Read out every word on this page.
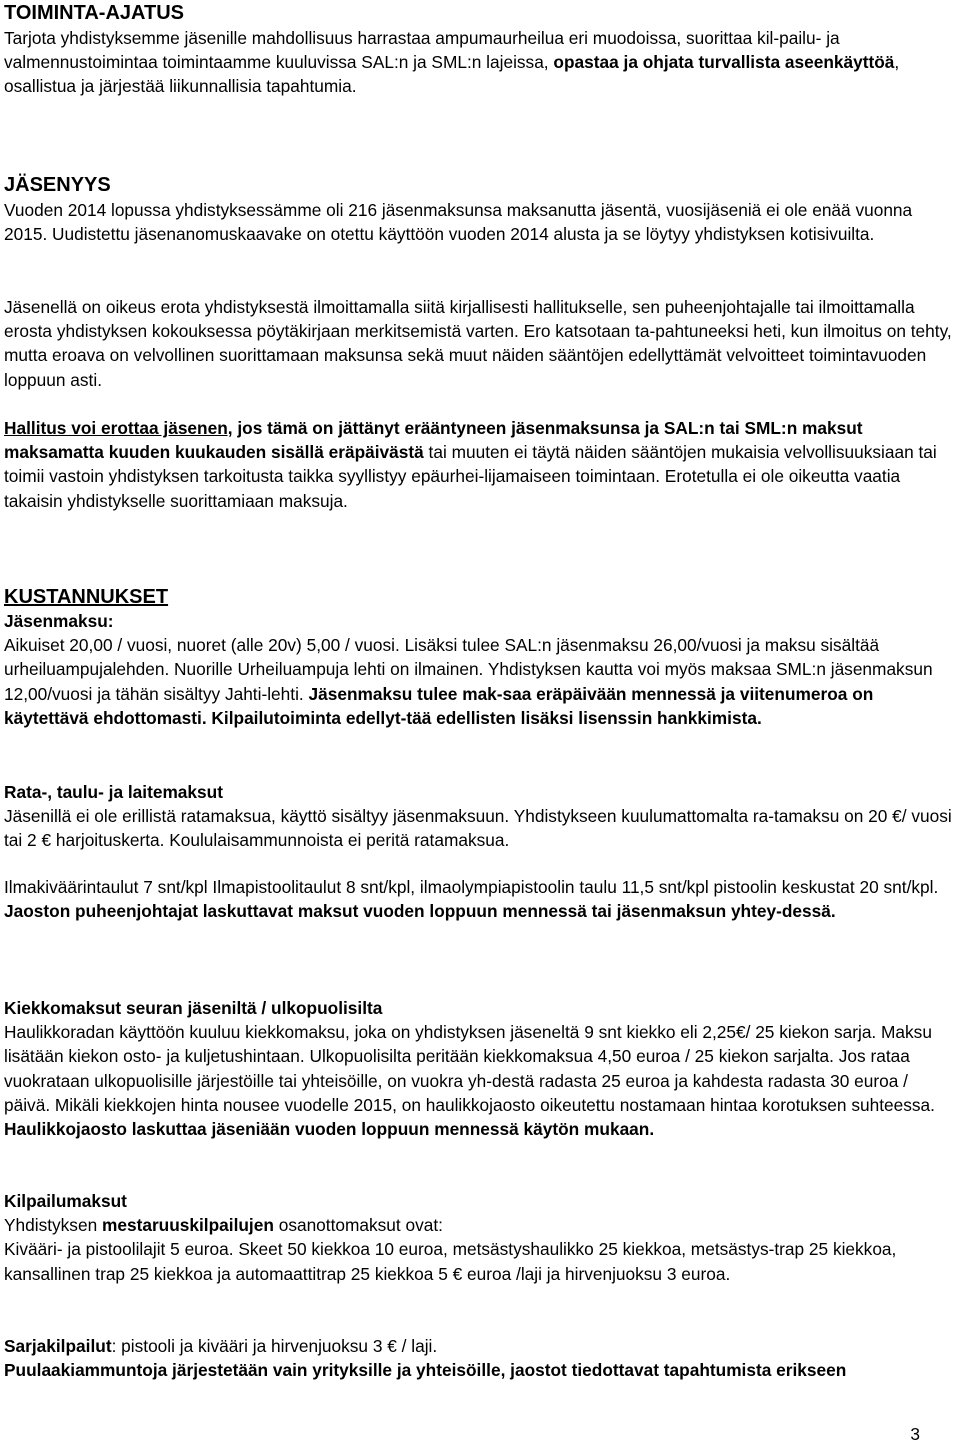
TOIMINTA-AJATUS

Tarjota yhdistyksemme jäsenille mahdollisuus harrastaa ampumaurheilua eri muodoissa, suorittaa kil-pailu- ja valmennustoimintaa toimintaamme kuuluvissa SAL:n ja SML:n lajeissa, opastaa ja ohjata turvallista aseenkäyttöä, osallistua ja järjestää liikunnallisia tapahtumia.

JÄSENYYS

Vuoden 2014 lopussa yhdistyksessämme oli 216 jäsenmaksunsa maksanutta jäsentä, vuosijäseniä ei ole enää vuonna 2015. Uudistettu jäsenanomuskaavake on otettu käyttöön vuoden 2014 alusta ja se löytyy yhdistyksen kotisivuilta.

Jäsenellä on oikeus erota yhdistyksestä ilmoittamalla siitä kirjallisesti hallitukselle, sen puheenjohtajalle tai ilmoittamalla erosta yhdistyksen kokouksessa pöytäkirjaan merkitsemistä varten. Ero katsotaan ta-pahtuneeksi heti, kun ilmoitus on tehty, mutta eroava on velvollinen suorittamaan maksunsa sekä muut näiden sääntöjen edellyttämät velvoitteet toimintavuoden loppuun asti.

Hallitus voi erottaa jäsenen, jos tämä on jättänyt erääntyneen jäsenmaksunsa ja SAL:n tai SML:n maksut maksamatta kuuden kuukauden sisällä eräpäivästä tai muuten ei täytä näiden sääntöjen mukaisia velvollisuuksiaan tai toimii vastoin yhdistyksen tarkoitusta taikka syyllistyy epäurhei-lijamaiseen toimintaan. Erotetulla ei ole oikeutta vaatia takaisin yhdistykselle suorittamiaan maksuja.

KUSTANNUKSET

Jäsenmaksu:

Aikuiset 20,00 / vuosi, nuoret (alle 20v) 5,00 / vuosi. Lisäksi tulee SAL:n jäsenmaksu 26,00/vuosi ja maksu sisältää urheiluampujalehden. Nuorille Urheiluampuja lehti on ilmainen. Yhdistyksen kautta voi myös maksaa SML:n jäsenmaksun 12,00/vuosi ja tähän sisältyy Jahti-lehti. Jäsenmaksu tulee mak-saa eräpäivään mennessä ja viitenumeroa on käytettävä ehdottomasti. Kilpailutoiminta edellyt-tää edellisten lisäksi lisenssin hankkimista.

Rata-, taulu- ja laitemaksut

Jäsenillä ei ole erillistä ratamaksua, käyttö sisältyy jäsenmaksuun. Yhdistykseen kuulumattomalta ra-tamaksu on 20 €/ vuosi tai 2 € harjoituskerta. Koululaisammunnoista ei peritä ratamaksua.

Ilmakiväärintaulut 7 snt/kpl Ilmapistoolitaulut 8 snt/kpl, ilmaolympiapistoolin taulu 11,5 snt/kpl pistoolin keskustat 20 snt/kpl.

Jaoston puheenjohtajat laskuttavat maksut vuoden loppuun mennessä tai jäsenmaksun yhtey-dessä.

Kiekkomaksut seuran jäseniltä / ulkopuolisilta

Haulikkoradan käyttöön kuuluu kiekkomaksu, joka on yhdistyksen jäseneltä 9 snt kiekko eli 2,25€/ 25 kiekon sarja. Maksu lisätään kiekon osto- ja kuljetushintaan. Ulkopuolisilta peritään kiekkomaksua 4,50 euroa / 25 kiekon sarjalta. Jos rataa vuokrataan ulkopuolisille järjestöille tai yhteisöille, on vuokra yh-destä radasta 25 euroa ja kahdesta radasta 30 euroa / päivä. Mikäli kiekkojen hinta nousee vuodelle 2015, on haulikkojaosto oikeutettu nostamaan hintaa korotuksen suhteessa. Haulikkojaosto laskuttaa jäseniään vuoden loppuun mennessä käytön mukaan.

Kilpailumaksut

Yhdistyksen mestaruuskilpailujen osanottomaksut ovat:

Kivääri- ja pistoolilajit 5 euroa. Skeet 50 kiekkoa 10 euroa, metsästyshaulikko 25 kiekkoa, metsästys-trap 25 kiekkoa, kansallinen trap 25 kiekkoa ja automaattitrap 25 kiekkoa 5 € euroa /laji ja hirvenjuoksu 3 euroa.

Sarjakilpailut: pistooli ja kivääri ja hirvenjuoksu 3 € / laji.

Puulaakiammuntoja järjestetään vain yrityksille ja yhteisöille, jaostot tiedottavat tapahtumista erikseen

3
